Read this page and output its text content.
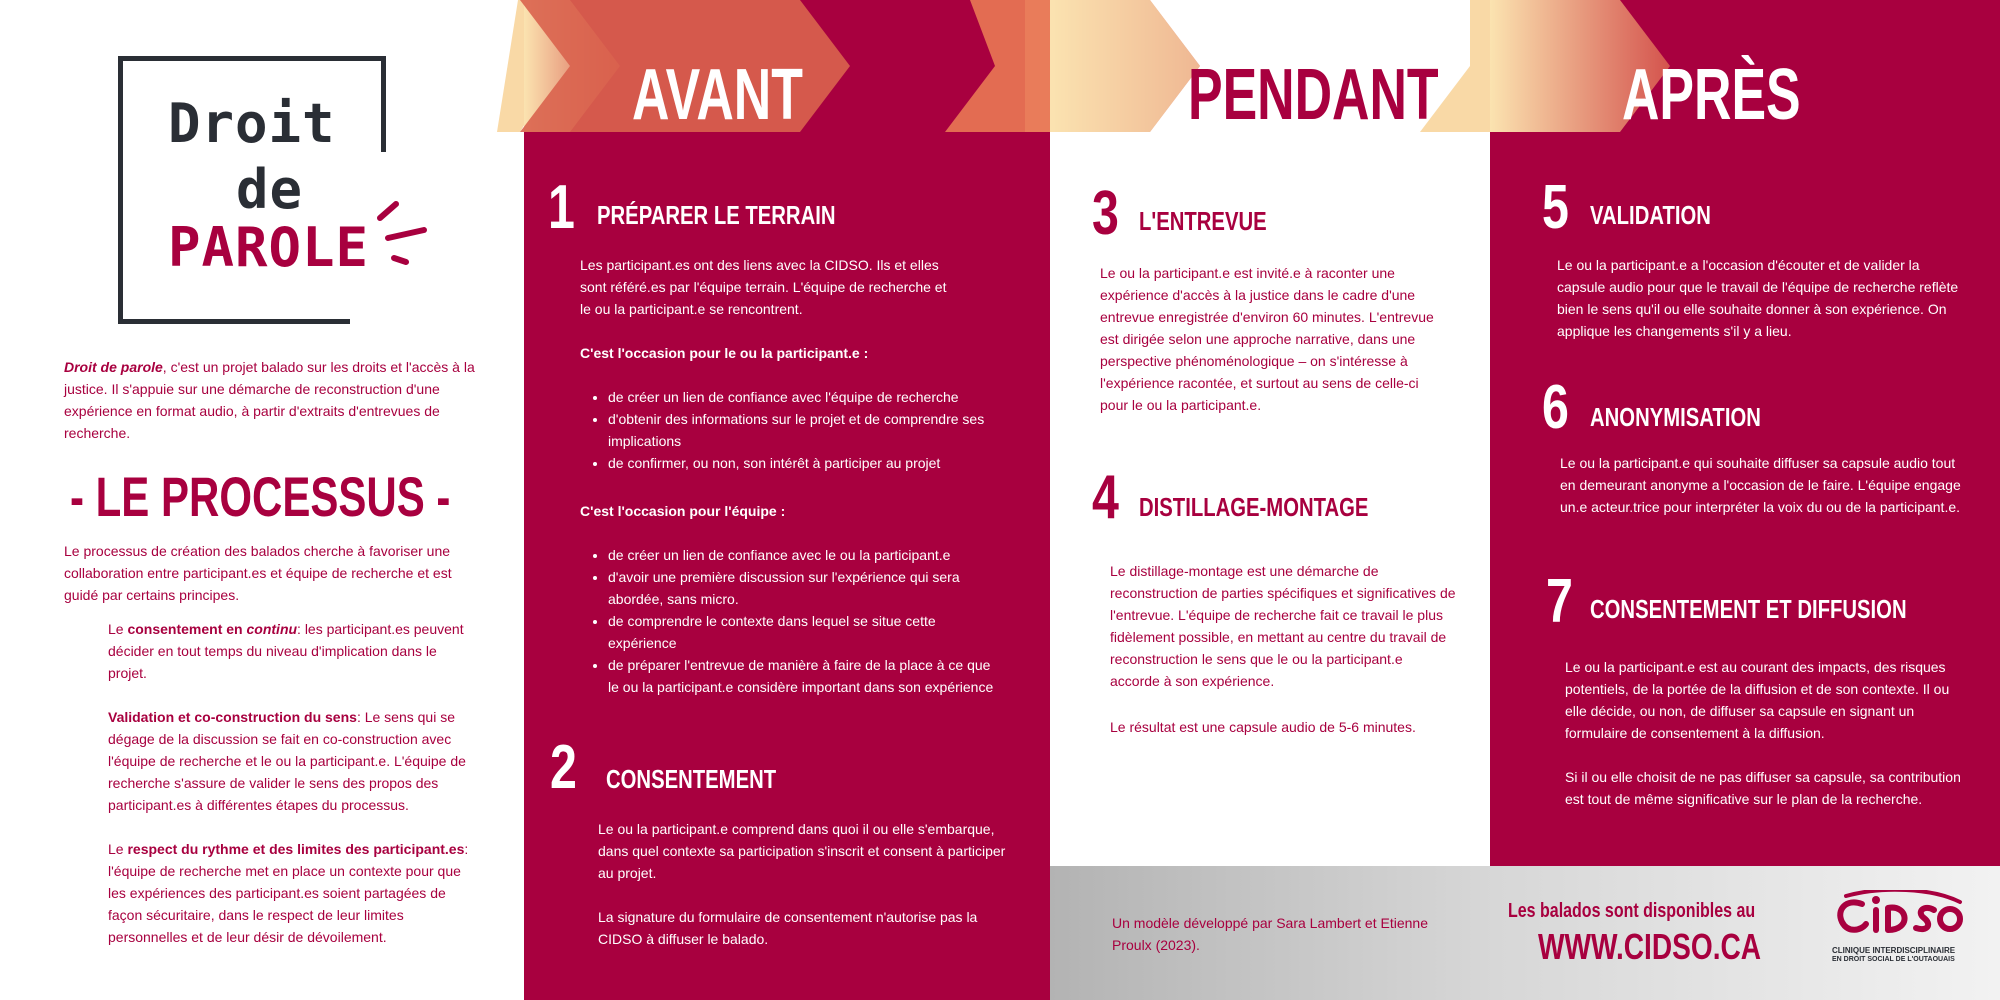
Droit
de
PAROLE
Droit de parole, c'est un projet balado sur les droits et l'accès à la justice. Il s'appuie sur une démarche de reconstruction d'une expérience en format audio, à partir d'extraits d'entrevues de recherche.
- LE PROCESSUS -
Le processus de création des balados cherche à favoriser une collaboration entre participant.es et équipe de recherche et est guidé par certains principes.
Le consentement en continu: les participant.es peuvent décider en tout temps du niveau d'implication dans le projet.
Validation et co-construction du sens: Le sens qui se dégage de la discussion se fait en co-construction avec l'équipe de recherche et le ou la participant.e. L'équipe de recherche s'assure de valider le sens des propos des participant.es à différentes étapes du processus.
Le respect du rythme et des limites des participant.es: l'équipe de recherche met en place un contexte pour que les expériences des participant.es soient partagées de façon sécuritaire, dans le respect de leur limites personnelles et de leur désir de dévoilement.
AVANT	PENDANT	APRÈS
1 PRÉPARER LE TERRAIN
Les participant.es ont des liens avec la CIDSO. Ils et elles sont référé.es par l'équipe terrain. L'équipe de recherche et le ou la participant.e se rencontrent.
C'est l'occasion pour le ou la participant.e :
• de créer un lien de confiance avec l'équipe de recherche
• d'obtenir des informations sur le projet et de comprendre ses implications
• de confirmer, ou non, son intérêt à participer au projet
C'est l'occasion pour l'équipe :
• de créer un lien de confiance avec le ou la participant.e
• d'avoir une première discussion sur l'expérience qui sera abordée, sans micro.
• de comprendre le contexte dans lequel se situe cette expérience
• de préparer l'entrevue de manière à faire de la place à ce que le ou la participant.e considère important dans son expérience
2 CONSENTEMENT
Le ou la participant.e comprend dans quoi il ou elle s'embarque, dans quel contexte sa participation s'inscrit et consent à participer au projet.
La signature du formulaire de consentement n'autorise pas la CIDSO à diffuser le balado.
3 L'ENTREVUE
Le ou la participant.e est invité.e à raconter une expérience d'accès à la justice dans le cadre d'une entrevue enregistrée d'environ 60 minutes. L'entrevue est dirigée selon une approche narrative, dans une perspective phénoménologique – on s'intéresse à l'expérience racontée, et surtout au sens de celle-ci pour le ou la participant.e.
4 DISTILLAGE-MONTAGE
Le distillage-montage est une démarche de reconstruction de parties spécifiques et significatives de l'entrevue. L'équipe de recherche fait ce travail le plus fidèlement possible, en mettant au centre du travail de reconstruction le sens que le ou la participant.e accorde à son expérience.
Le résultat est une capsule audio de 5-6 minutes.
5 VALIDATION
Le ou la participant.e a l'occasion d'écouter et de valider la capsule audio pour que le travail de l'équipe de recherche reflète bien le sens qu'il ou elle souhaite donner à son expérience. On applique les changements s'il y a lieu.
6 ANONYMISATION
Le ou la participant.e qui souhaite diffuser sa capsule audio tout en demeurant anonyme a l'occasion de le faire. L'équipe engage un.e acteur.trice pour interpréter la voix du ou de la participant.e.
7 CONSENTEMENT ET DIFFUSION
Le ou la participant.e est au courant des impacts, des risques potentiels, de la portée de la diffusion et de son contexte. Il ou elle décide, ou non, de diffuser sa capsule en signant un formulaire de consentement à la diffusion.
Si il ou elle choisit de ne pas diffuser sa capsule, sa contribution est tout de même significative sur le plan de la recherche.
Un modèle développé par Sara Lambert et Etienne Proulx (2023).
Les balados sont disponibles au
WWW.CIDSO.CA	CLINIQUE INTERDISCIPLINAIRE
EN DROIT SOCIAL DE L'OUTAOUAIS
